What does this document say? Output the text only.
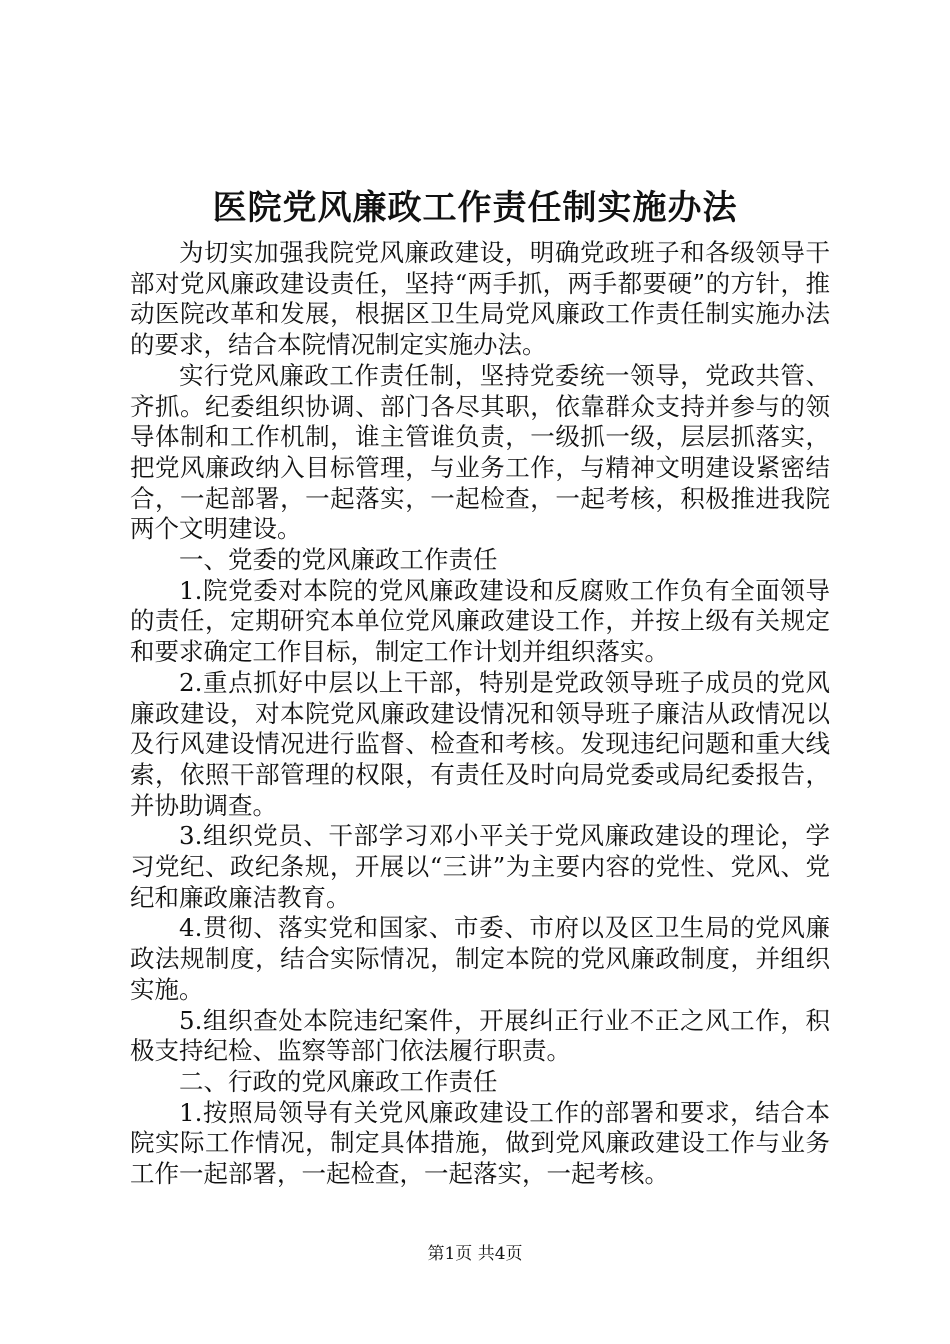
医院党风廉政工作责任制实施办法

为切实加强我院党风廉政建设，明确党政班子和各级领导干部对党风廉政建设责任，坚持“两手抓，两手都要硬”的方针，推动医院改革和发展，根据区卫生局党风廉政工作责任制实施办法的要求，结合本院情况制定实施办法。

实行党风廉政工作责任制，坚持党委统一领导，党政共管、齐抓。纪委组织协调、部门各尽其职，依靠群众支持并参与的领导体制和工作机制，谁主管谁负责，一级抓一级，层层抓落实，把党风廉政纳入目标管理，与业务工作，与精神文明建设紧密结合，一起部署，一起落实，一起检查，一起考核，积极推进我院两个文明建设。

一、党委的党风廉政工作责任

1.院党委对本院的党风廉政建设和反腐败工作负有全面领导的责任，定期研究本单位党风廉政建设工作，并按上级有关规定和要求确定工作目标，制定工作计划并组织落实。

2.重点抓好中层以上干部，特别是党政领导班子成员的党风廉政建设，对本院党风廉政建设情况和领导班子廉洁从政情况以及行风建设情况进行监督、检查和考核。发现违纪问题和重大线索，依照干部管理的权限，有责任及时向局党委或局纪委报告，并协助调查。

3.组织党员、干部学习邓小平关于党风廉政建设的理论，学习党纪、政纪条规，开展以“三讲”为主要内容的党性、党风、党纪和廉政廉洁教育。

4.贯彻、落实党和国家、市委、市府以及区卫生局的党风廉政法规制度，结合实际情况，制定本院的党风廉政制度，并组织实施。

5.组织查处本院违纪案件，开展纠正行业不正之风工作，积极支持纪检、监察等部门依法履行职责。

二、行政的党风廉政工作责任

1.按照局领导有关党风廉政建设工作的部署和要求，结合本院实际工作情况，制定具体措施，做到党风廉政建设工作与业务工作一起部署，一起检查，一起落实，一起考核。

第1页 共4页
